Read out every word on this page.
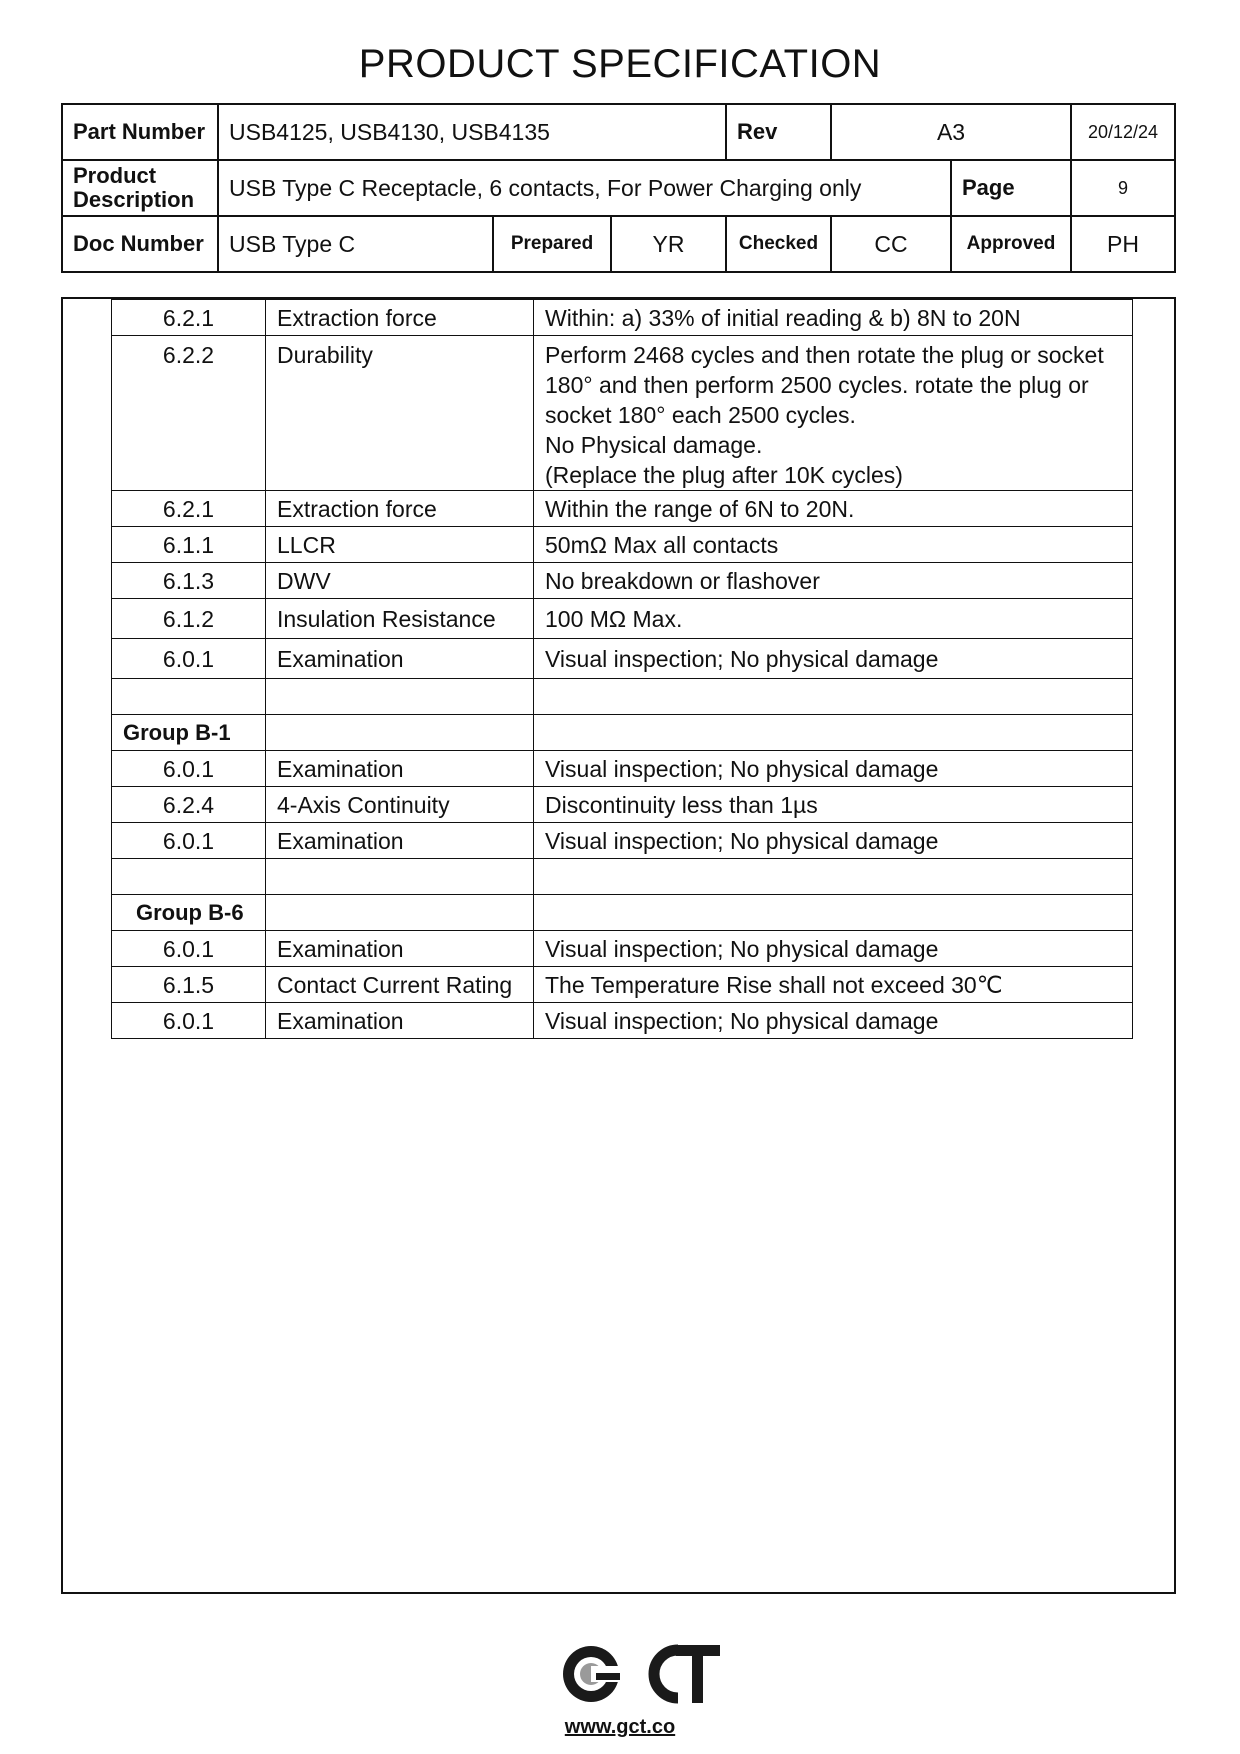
PRODUCT SPECIFICATION
Part Number	USB4125, USB4130, USB4135			Rev	A3		20/12/24
Product Description	USB Type C Receptacle, 6 contacts, For Power Charging only					Page	9
Doc Number	USB Type C	Prepared	YR	Checked	CC	Approved	PH
6.2.1	Extraction force	Within: a) 33% of initial reading & b) 8N to 20N
6.2.2	Durability	Perform 2468 cycles and then rotate the plug or socket
180° and then perform 2500 cycles. rotate the plug or
socket 180° each 2500 cycles.
No Physical damage.
(Replace the plug after 10K cycles)

6.2.1	Extraction force	Within the range of 6N to 20N.
6.1.1	LLCR	50mΩ Max all contacts
6.1.3	DWV	No breakdown or flashover
6.1.2	Insulation Resistance	100 MΩ Max.
6.0.1	Examination	Visual inspection; No physical damage

Group B-1		
6.0.1	Examination	Visual inspection; No physical damage
6.2.4	4-Axis Continuity	Discontinuity less than 1µs
6.0.1	Examination	Visual inspection; No physical damage

Group B-6		
6.0.1	Examination	Visual inspection; No physical damage
6.1.5	Contact Current Rating	The Temperature Rise shall not exceed 30℃
6.0.1	Examination	Visual inspection; No physical damage
www.gct.co
